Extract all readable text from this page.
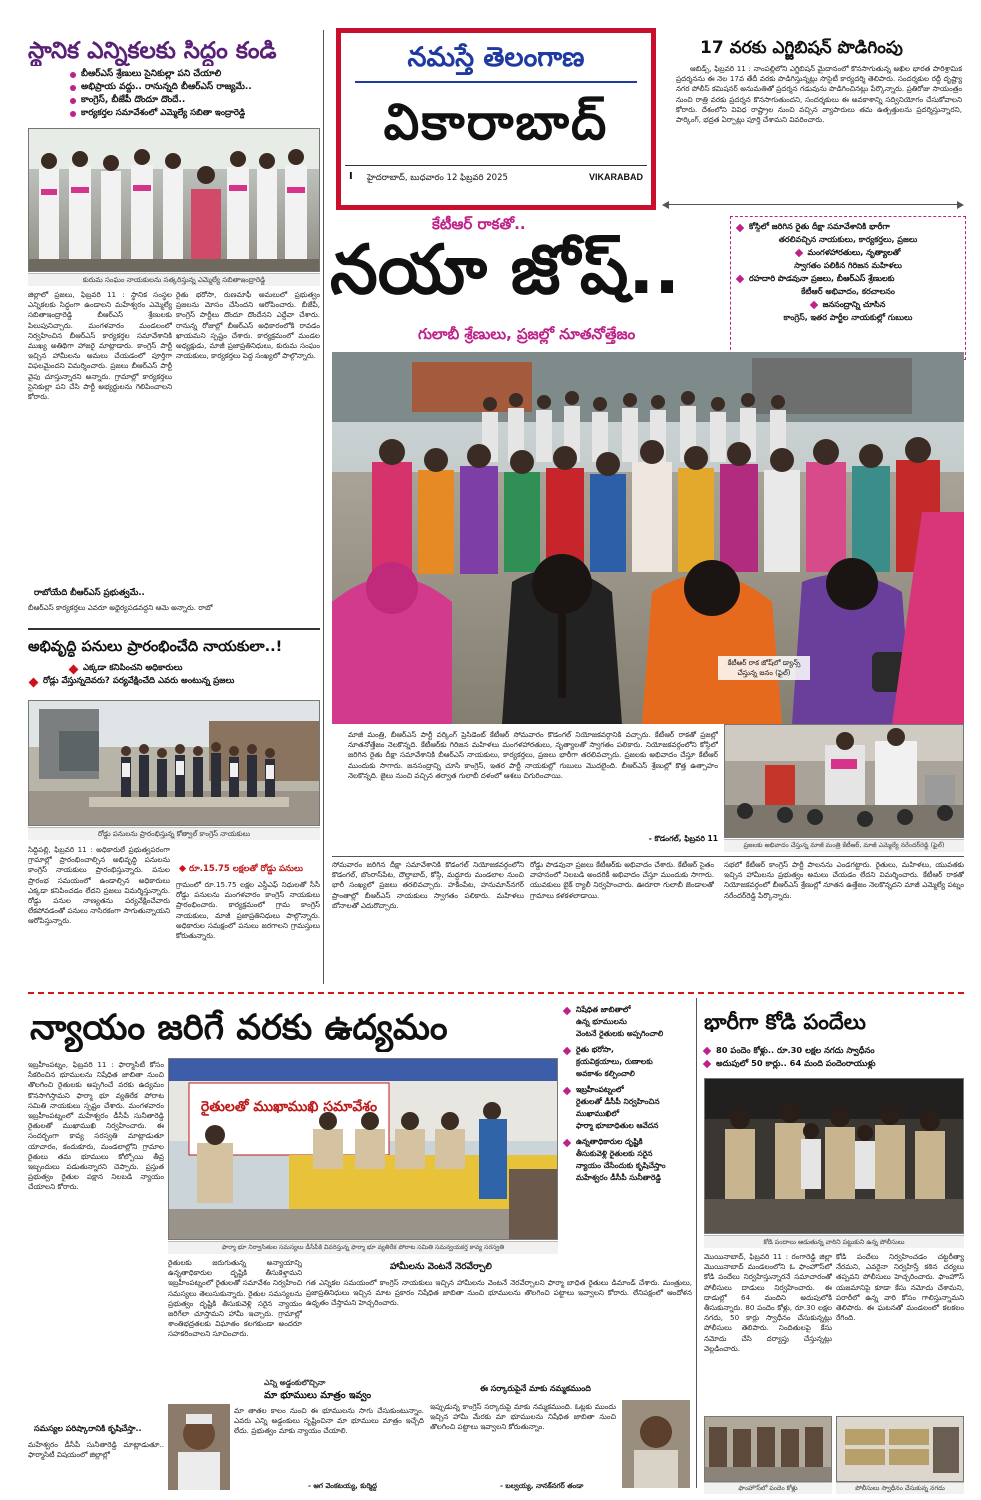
స్థానిక ఎన్నికలకు సిద్ధం కండి
బీఆర్ఎస్ శ్రేణులు సైనికుల్లా పని చేయాలి
అభిప్రాయ వద్దు.. రానున్నది బీఆర్ఎస్ రాజ్యమే..
కాంగ్రెస్, బీజేపీ దొందూ దొందే..
కార్యకర్తల సమావేశంలో ఎమ్మెల్యే సబితా ఇంద్రారెడ్డి
కురుమ సంఘం నాయకులను సత్కరిస్తున్న ఎమ్మెల్యే సబితాఇంద్రారెడ్డి
జిల్లాలో ప్రజలు, ఫిబ్రవరి 11 : స్థానిక సంస్థల ఎన్నికలకు సిద్ధంగా ఉండాలని మహేశ్వరం ఎమ్మెల్యే సబితాఇంద్రారెడ్డి బీఆర్ఎస్ శ్రేణులకు పిలుపునిచ్చారు. మంగళవారం మండలంలో నిర్వహించిన బీఆర్ఎస్ కార్యకర్తల సమావేశానికి ముఖ్య అతిథిగా హాజరై మాట్లాడారు. కాంగ్రెస్ పార్టీ ఇచ్చిన హామీలను అమలు చేయడంలో పూర్తిగా విఫలమైందని విమర్శించారు. ప్రజలు బీఆర్ఎస్ పార్టీ వైపు చూస్తున్నారని అన్నారు. గ్రామాల్లో కార్యకర్తలు సైనికుల్లా పని చేసి పార్టీ అభ్యర్థులను గెలిపించాలని కోరారు.
రైతు భరోసా, రుణమాఫీ అమలులో ప్రభుత్వం ప్రజలను మోసం చేసిందని ఆరోపించారు. బీజేపీ, కాంగ్రెస్ పార్టీలు దొందూ దొందేనని ఎద్దేవా చేశారు. రానున్న రోజుల్లో బీఆర్ఎస్ అధికారంలోకి రావడం ఖాయమని స్పష్టం చేశారు. కార్యక్రమంలో మండల అధ్యక్షుడు, మాజీ ప్రజాప్రతినిధులు, కురుమ సంఘం నాయకులు, కార్యకర్తలు పెద్ద సంఖ్యలో పాల్గొన్నారు.
రాబోయేది బీఆర్ఎస్ ప్రభుత్వమే..
బీఆర్ఎస్ కార్యకర్తలు ఎవరూ అధైర్యపడవద్దని ఆమె అన్నారు. రాబో
అభివృద్ధి పనులు ప్రారంభించేది నాయకులా..!
ఎక్కడా కనిపించని అధికారులు
రోడ్లు వేస్తున్నదెవరు? పర్యవేక్షించేది ఎవరు అంటున్న ప్రజలు
రోడ్డు పనులను ప్రారంభిస్తున్న కోత్వాల్ కాంగ్రెస్ నాయకులు
సిద్దిపల్లి, ఫిబ్రవరి 11 : అధికారులే ప్రభుత్వపరంగా గ్రామాల్లో ప్రారంభించాల్సిన అభివృద్ధి పనులను కాంగ్రెస్ నాయకులు ప్రారంభిస్తున్నారు. పనుల ప్రారంభ సమయంలో ఉండాల్సిన అధికారులు ఎక్కడా కనిపించడం లేదని ప్రజలు విమర్శిస్తున్నారు. రోడ్డు పనుల నాణ్యతను పర్యవేక్షించేవారు లేకపోవడంతో పనులు నాసిరకంగా సాగుతున్నాయని ఆరోపిస్తున్నారు.
గ్రామంలో రూ.15.75 లక్షల ఎస్డీఎఫ్ నిధులతో సీసీ రోడ్డు పనులను మంగళవారం కాంగ్రెస్ నాయకులు ప్రారంభించారు. కార్యక్రమంలో గ్రామ కాంగ్రెస్ నాయకులు, మాజీ ప్రజాప్రతినిధులు పాల్గొన్నారు. అధికారుల సమక్షంలో పనులు జరగాలని గ్రామస్తులు కోరుతున్నారు.
రూ.15.75 లక్షలతో రోడ్డు పనులు
నమస్తే తెలంగాణ
వికారాబాద్
I హైదరాబాద్, బుధవారం 12 ఫిబ్రవరి 2025	VIKARABAD
17 వరకు ఎగ్జిబిషన్ పొడిగింపు
ఆబిడ్స్, ఫిబ్రవరి 11 : నాంపల్లిలోని ఎగ్జిబిషన్ మైదానంలో కొనసాగుతున్న అఖిల భారత పారిశ్రామిక ప్రదర్శనను ఈ నెల 17వ తేదీ వరకు పొడిగిస్తున్నట్లు సొసైటీ కార్యదర్శి తెలిపారు. సందర్శకుల రద్దీ దృష్ట్యా నగర పోలీస్ కమిషనర్ అనుమతితో ప్రదర్శన గడువును పొడిగించినట్లు పేర్కొన్నారు. ప్రతిరోజు సాయంత్రం నుంచి రాత్రి వరకు ప్రదర్శన కొనసాగుతుందని, సందర్శకులు ఈ అవకాశాన్ని సద్వినియోగం చేసుకోవాలని కోరారు. దేశంలోని వివిధ రాష్ట్రాల నుంచి వచ్చిన వ్యాపారులు తమ ఉత్పత్తులను ప్రదర్శిస్తున్నారని, పార్కింగ్, భద్రత ఏర్పాట్లు పూర్తి చేశామని వివరించారు.
కేటీఆర్ రాకతో..
నయా జోష్..
గులాబీ శ్రేణులు, ప్రజల్లో నూతనోత్తేజం
కోస్గిలో జరిగిన రైతు దీక్షా సమావేశానికి భారీగా
తరలివచ్చిన నాయకులు, కార్యకర్తలు, ప్రజలు
మంగళహారతులు, నృత్యాలతో
స్వాగతం పలికిన గిరిజన మహిళలు
రహదారి పొడవునా ప్రజలు, బీఆర్ఎస్ శ్రేణులకు
కేటీఆర్ అభివాదం, కరచాలనం
జనసంద్రాన్ని చూసిన
కాంగ్రెస్, ఇతర పార్టీల నాయకుల్లో గుబులు
కేటీఆర్ రాక జోష్‌లో డ్యాన్స్ చేస్తున్న జనం (ఫైల్)
మాజీ మంత్రి, బీఆర్ఎస్ పార్టీ వర్కింగ్ ప్రెసిడెంట్ కేటీఆర్ సోమవారం కొడంగల్ నియోజకవర్గానికి వచ్చారు. కేటీఆర్ రాకతో ప్రజల్లో నూతనోత్తేజం నెలకొన్నది. కేటీఆర్‌కు గిరిజన మహిళలు మంగళహారతులు, నృత్యాలతో స్వాగతం పలికారు. నియోజకవర్గంలోని కోస్గిలో జరిగిన రైతు దీక్షా సమావేశానికి బీఆర్ఎస్ నాయకులు, కార్యకర్తలు, ప్రజలు భారీగా తరలివచ్చారు. ప్రజలకు అభివాదం చేస్తూ కేటీఆర్ ముందుకు సాగారు. జనసంద్రాన్ని చూసి కాంగ్రెస్, ఇతర పార్టీ నాయకుల్లో గుబులు మొదలైంది. బీఆర్ఎస్ శ్రేణుల్లో కొత్త ఉత్సాహం నెలకొన్నది. జైలు నుంచి వచ్చిన తర్వాత గులాబీ దళంలో ఆశలు చిగురించాయి.
- కొడంగల్, ఫిబ్రవరి 11
ప్రజలకు అభివాదం చేస్తున్న మాజీ మంత్రి కేటీఆర్, మాజీ ఎమ్మెల్యే నరేందర్‌రెడ్డి (ఫైల్)
సోమవారం జరిగిన దీక్షా సమావేశానికి కొడంగల్ నియోజకవర్గంలోని కొడంగల్, బొంరాస్‌పేట, దౌల్తాబాద్, కోస్గి, మద్దూరు మండలాల నుంచి భారీ సంఖ్యలో ప్రజలు తరలివచ్చారు. హకీంపేట, హనుమాన్‌నగర్ ప్రాంతాల్లో బీఆర్ఎస్ నాయకులు స్వాగతం పలికారు. మహిళలు బోనాలతో ఎదురొచ్చారు.
రోడ్డు పొడవునా ప్రజలు కేటీఆర్‌కు అభివాదం చేశారు. కేటీఆర్ సైతం వాహనంలో నిలబడి అందరికీ అభివాదం చేస్తూ ముందుకు సాగారు. యువకులు బైక్ ర్యాలీ నిర్వహించారు. ఊరూరా గులాబీ జెండాలతో గ్రామాలు కళకళలాడాయి.
సభలో కేటీఆర్ కాంగ్రెస్ పార్టీ పాలనను ఎండగట్టారు. రైతులు, మహిళలు, యువతకు ఇచ్చిన హామీలను ప్రభుత్వం అమలు చేయడం లేదని విమర్శించారు. కేటీఆర్ రాకతో నియోజకవర్గంలో బీఆర్ఎస్ శ్రేణుల్లో నూతన ఉత్తేజం నెలకొన్నదని మాజీ ఎమ్మెల్యే పట్నం నరేందర్‌రెడ్డి పేర్కొన్నారు.
న్యాయం జరిగే వరకు ఉద్యమం	నిషేధిత జాబితాలో
ఉన్న భూములను
వెంటనే రైతులకు అప్పగించాలి
రైతు భరోసా,
క్రయవిక్రయాలు, రుణాలకు
అవకాశం కల్పించాలి
ఇబ్రహీంపట్నంలో
రైతులతో డీసీపీ నిర్వహించిన
ముఖాముఖిలో
ఫార్మా భూబాధితుల ఆవేదన
ఉన్నతాధికారుల దృష్టికి
తీసుకువెళ్లి రైతులకు సరైన
న్యాయం చేసేందుకు కృషిచేస్తాం
మహేశ్వరం డీసీపీ సునీతారెడ్డి
ఇబ్రహీంపట్నం, ఫిబ్రవరి 11 : ఫార్మాసిటీ కోసం సేకరించిన భూములను నిషేధిత జాబితా నుంచి తొలగించి రైతులకు అప్పగించే వరకు ఉద్యమం కొనసాగిస్తామని ఫార్మా భూ వ్యతిరేక పోరాట సమితి నాయకులు స్పష్టం చేశారు. మంగళవారం ఇబ్రహీంపట్నంలో మహేశ్వరం డీసీపీ సునీతారెడ్డి రైతులతో ముఖాముఖి నిర్వహించారు. ఈ సందర్భంగా కావ్య సరస్వతి మాట్లాడుతూ యాచారం, కందుకూరు, మండలాల్లోని గ్రామాల రైతులు తమ భూములు కోల్పోయి తీవ్ర ఇబ్బందులు పడుతున్నారని చెప్పారు. ప్రస్తుత ప్రభుత్వం రైతుల పక్షాన నిలబడి న్యాయం చేయాలని కోరారు.
సమస్యల పరిష్కారానికి కృషిచేస్తా..
మహేశ్వరం డీసీపీ సునీతారెడ్డి మాట్లాడుతూ.. ఫార్మాసిటీ విషయంలో జిల్లాల్లో
రైతులతో ముఖాముఖి సమావేశం
ఫార్మా భూ నిర్వాసితుల సమస్యలు డీసీపీకి వివరిస్తున్న ఫార్మా భూ వ్యతిరేక పోరాట సమితి సమన్వయకర్త కావ్య సరస్వతి
రైతులకు జరుగుతున్న అన్యాయాన్ని ఉన్నతాధికారుల దృష్టికి తీసుకెళ్తామని ఇబ్రహీంపట్నంలో రైతులతో సమావేశం నిర్వహించి సమస్యలు తెలుసుకున్నారు. రైతుల సమస్యలను ప్రభుత్వం దృష్టికి తీసుకువెళ్లి సరైన న్యాయం జరిగేలా చూస్తామని హామీ ఇచ్చారు. గ్రామాల్లో శాంతిభద్రతలకు విఘాతం కలగకుండా అందరూ సహకరించాలని సూచించారు.
హామీలను వెంటనే నెరవేర్చాలి
గత ఎన్నికల సమయంలో కాంగ్రెస్ నాయకులు ఇచ్చిన హామీలను వెంటనే నెరవేర్చాలని ఫార్మా బాధిత రైతులు డిమాండ్ చేశారు. మంత్రులు, ప్రజాప్రతినిధులు ఇచ్చిన మాట ప్రకారం నిషేధిత జాబితా నుంచి భూములను తొలగించి పట్టాలు ఇవ్వాలని కోరారు. లేనిపక్షంలో ఆందోళన ఉధృతం చేస్తామని హెచ్చరించారు.
ఎన్ని అడ్డంకులొచ్చినా
మా భూములు మాత్రం ఇవ్వం
మా తాతల కాలం నుంచి ఈ భూములను సాగు చేసుకుంటున్నాం. ఎవరు ఎన్ని అడ్డంకులు సృష్టించినా మా భూములు మాత్రం ఇచ్చేది లేదు. ప్రభుత్వం మాకు న్యాయం చేయాలి.
- ఆగ వెంకటయ్య, కుర్మిద్ద
ఈ సర్కారుపైనే మాకు నమ్మకముంది
ఇప్పుడున్న కాంగ్రెస్ సర్కారుపై మాకు నమ్మకముంది. ఓట్లకు ముందు ఇచ్చిన హామీ మేరకు మా భూములను నిషేధిత జాబితా నుంచి తొలగించి పట్టాలు ఇవ్వాలని కోరుతున్నాం.
- బల్వయ్య, నానక్‌నగర్ తండా
భారీగా కోడి పందేలు
80 పందెం కోళ్లు.. రూ.30 లక్షల నగదు స్వాధీనం
అదుపులో 50 కార్లు.. 64 మంది పందెంరాయుళ్లు
కోడి పందాలు ఆడుతున్న వారిని పట్టుకుని ఉన్న పోలీసులు
మొయినాబాద్, ఫిబ్రవరి 11 : రంగారెడ్డి జిల్లా మొయినాబాద్ మండలంలోని ఓ ఫాంహౌస్‌లో కోడి పందేలు నిర్వహిస్తున్నారనే సమాచారంతో పోలీసులు దాడులు నిర్వహించారు. ఈ దాడుల్లో 64 మందిని అదుపులోకి తీసుకున్నారు. 80 పందెం కోళ్లు, రూ.30 లక్షల నగదు, 50 కార్లు స్వాధీనం చేసుకున్నట్లు పోలీసులు తెలిపారు. నిందితులపై కేసు నమోదు చేసి దర్యాప్తు చేస్తున్నట్లు వెల్లడించారు.
కోడి పందేలు నిర్వహించడం చట్టరీత్యా నేరమని, ఎవరైనా నిర్వహిస్తే కఠిన చర్యలు తప్పవని పోలీసులు హెచ్చరించారు. ఫాంహౌస్ యజమానిపై కూడా కేసు నమోదు చేశామని, పరారీలో ఉన్న వారి కోసం గాలిస్తున్నామని తెలిపారు. ఈ ఘటనతో మండలంలో కలకలం రేగింది.
ఫాంహౌస్‌లో పందెం కోళ్లు	పోలీసులు స్వాధీనం చేసుకున్న నగదు
